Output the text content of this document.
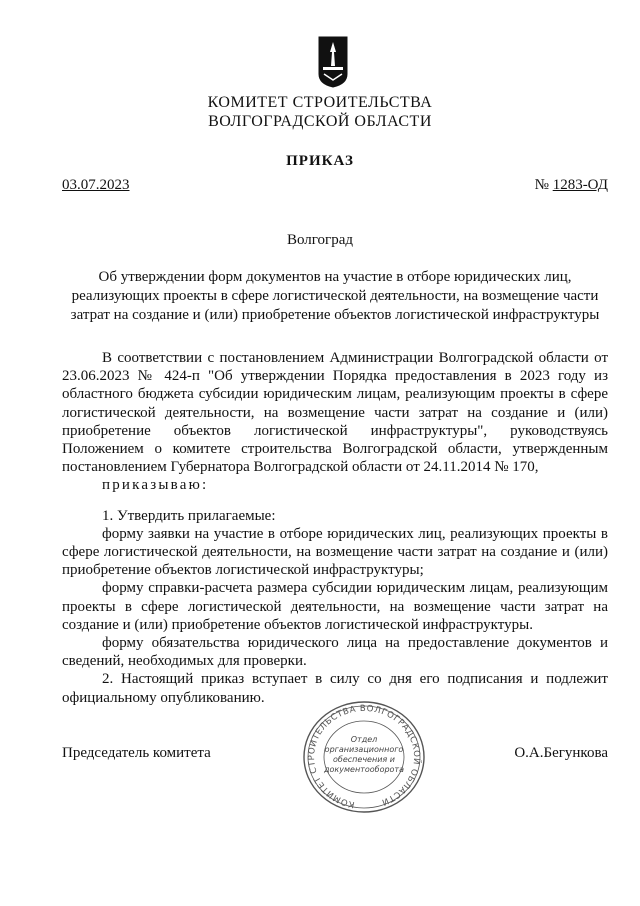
КОМИТЕТ СТРОИТЕЛЬСТВА
ВОЛГОГРАДСКОЙ ОБЛАСТИ
ПРИКАЗ
03.07.2023	№ 1283-ОД
Волгоград
Об утверждении форм документов на участие в отборе юридических лиц, реализующих проекты в сфере логистической деятельности, на возмещение части затрат на создание и (или) приобретение объектов логистической инфраструктуры

В соответствии с постановлением Администрации Волгоградской области от 23.06.2023 № 424-п "Об утверждении Порядка предоставления в 2023 году из областного бюджета субсидии юридическим лицам, реализующим проекты в сфере логистической деятельности, на возмещение части затрат на создание и (или) приобретение объектов логистической инфраструктуры", руководствуясь Положением о комитете строительства Волгоградской области, утвержденным постановлением Губернатора Волгоградской области от 24.11.2014 № 170,

приказываю:

1. Утвердить прилагаемые:

форму заявки на участие в отборе юридических лиц, реализующих проекты в сфере логистической деятельности, на возмещение части затрат на создание и (или) приобретение объектов логистической инфраструктуры;

форму справки-расчета размера субсидии юридическим лицам, реализующим проекты в сфере логистической деятельности, на возмещение части затрат на создание и (или) приобретение объектов логистической инфраструктуры.

форму обязательства юридического лица на предоставление документов и сведений, необходимых для проверки.

2. Настоящий приказ вступает в силу со дня его подписания и подлежит официальному опубликованию.

КОМИТЕТ СТРОИТЕЛЬСТВА ВОЛГОГРАДСКОЙ ОБЛАСТИ
Отдел
организационного
обеспечения и
документооборота
Председатель комитета	О.А.Бегункова
